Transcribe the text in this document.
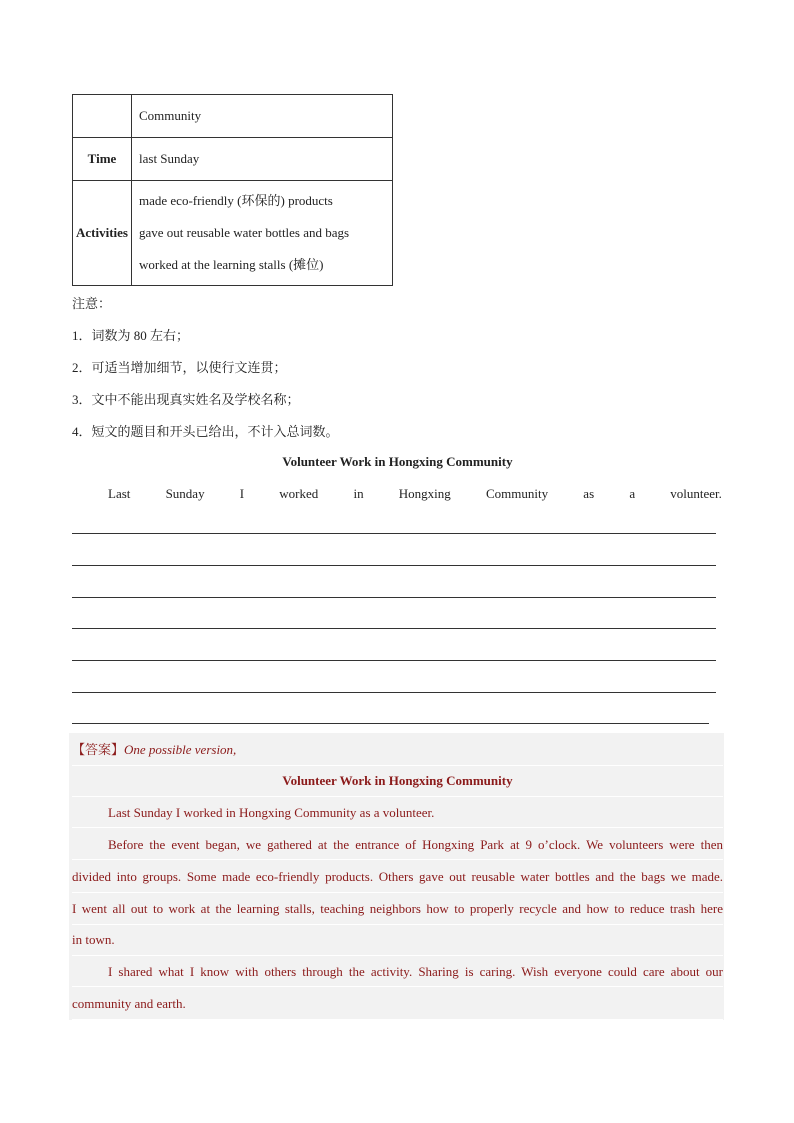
	Community
Time	last Sunday
Activities	made eco-friendly (环保的) products
gave out reusable water bottles and bags
worked at the learning stalls (摊位)
注意：
1．词数为 80 左右；
2．可适当增加细节，以使行文连贯；
3．文中不能出现真实姓名及学校名称；
4．短文的题目和开头已给出，不计入总词数。
Volunteer Work in Hongxing Community
Last	Sunday	I	worked	in	Hongxing	Community	as	a	volunteer.
【答案】One possible version,
Volunteer Work in Hongxing Community
Last Sunday I worked in Hongxing Community as a volunteer.
Before the event began, we gathered at the entrance of Hongxing Park at 9 o’clock. We volunteers were then
divided into groups. Some made eco-friendly products. Others gave out reusable water bottles and the bags we made.
I went all out to work at the learning stalls, teaching neighbors how to properly recycle and how to reduce trash here
in town.
I shared what I know with others through the activity. Sharing is caring. Wish everyone could care about our
community and earth.
